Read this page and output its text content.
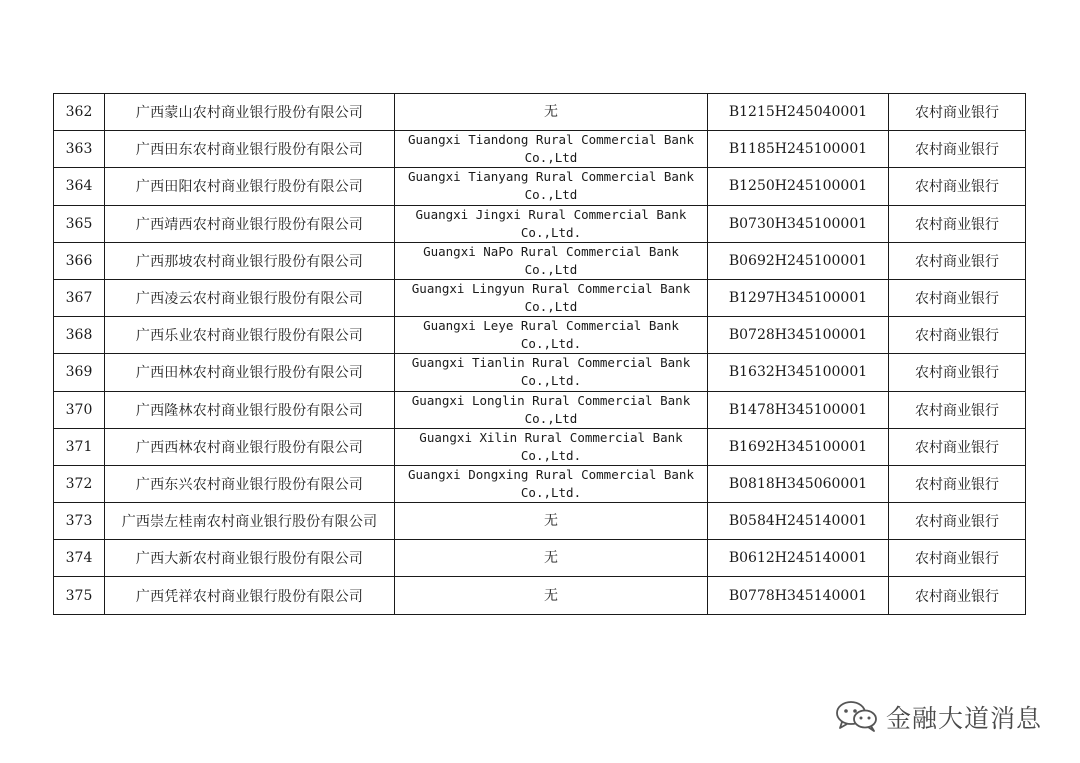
362	广西蒙山农村商业银行股份有限公司	无	B1215H245040001	农村商业银行
363	广西田东农村商业银行股份有限公司	Guangxi Tiandong Rural Commercial Bank Co.,Ltd	B1185H245100001	农村商业银行
364	广西田阳农村商业银行股份有限公司	Guangxi Tianyang Rural Commercial Bank Co.,Ltd	B1250H245100001	农村商业银行
365	广西靖西农村商业银行股份有限公司	Guangxi Jingxi Rural Commercial Bank Co.,Ltd.	B0730H345100001	农村商业银行
366	广西那坡农村商业银行股份有限公司	Guangxi NaPo Rural Commercial Bank Co.,Ltd	B0692H245100001	农村商业银行
367	广西凌云农村商业银行股份有限公司	Guangxi Lingyun Rural Commercial Bank Co.,Ltd	B1297H345100001	农村商业银行
368	广西乐业农村商业银行股份有限公司	Guangxi Leye Rural Commercial Bank Co.,Ltd.	B0728H345100001	农村商业银行
369	广西田林农村商业银行股份有限公司	Guangxi Tianlin Rural Commercial Bank Co.,Ltd.	B1632H345100001	农村商业银行
370	广西隆林农村商业银行股份有限公司	Guangxi Longlin Rural Commercial Bank Co.,Ltd	B1478H345100001	农村商业银行
371	广西西林农村商业银行股份有限公司	Guangxi Xilin Rural Commercial Bank Co.,Ltd.	B1692H345100001	农村商业银行
372	广西东兴农村商业银行股份有限公司	Guangxi Dongxing Rural Commercial Bank Co.,Ltd.	B0818H345060001	农村商业银行
373	广西崇左桂南农村商业银行股份有限公司	无	B0584H245140001	农村商业银行
374	广西大新农村商业银行股份有限公司	无	B0612H245140001	农村商业银行
375	广西凭祥农村商业银行股份有限公司	无	B0778H345140001	农村商业银行
金融大道消息
